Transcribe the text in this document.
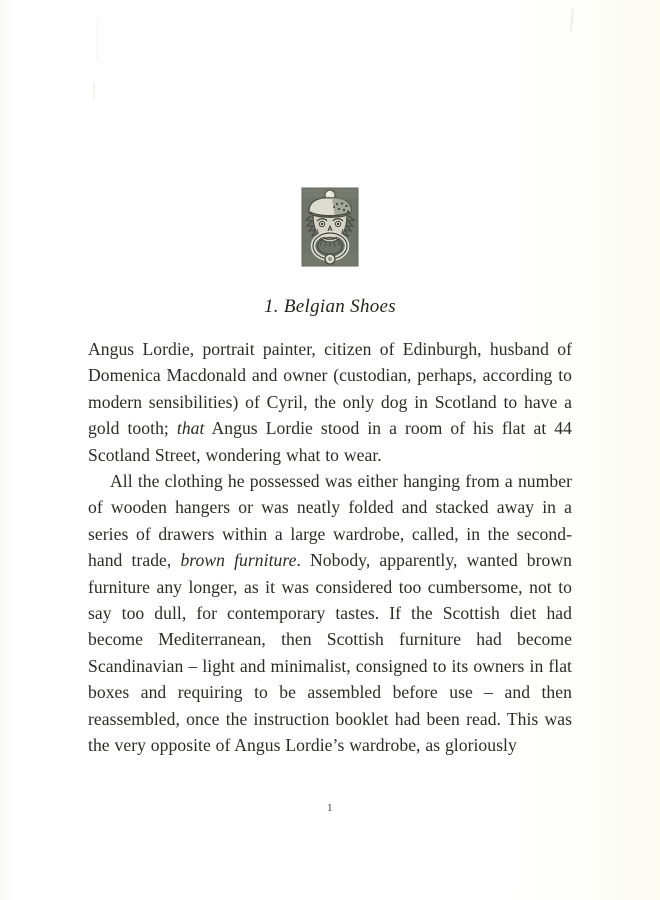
1. Belgian Shoes

Angus Lordie, portrait painter, citizen of Edinburgh, husband of Domenica Macdonald and owner (custodian, perhaps, according to modern sensibilities) of Cyril, the only dog in Scotland to have a gold tooth; that Angus Lordie stood in a room of his flat at 44 Scotland Street, wondering what to wear.

All the clothing he possessed was either hanging from a number of wooden hangers or was neatly folded and stacked away in a series of drawers within a large wardrobe, called, in the second-hand trade, brown furniture. Nobody, apparently, wanted brown furniture any longer, as it was considered too cumbersome, not to say too dull, for contemporary tastes. If the Scottish diet had become Mediterranean, then Scottish furniture had become Scandinavian – light and minimalist, consigned to its owners in flat boxes and requiring to be assembled before use – and then reassembled, once the instruction booklet had been read. This was the very opposite of Angus Lordie’s wardrobe, as gloriously

1
